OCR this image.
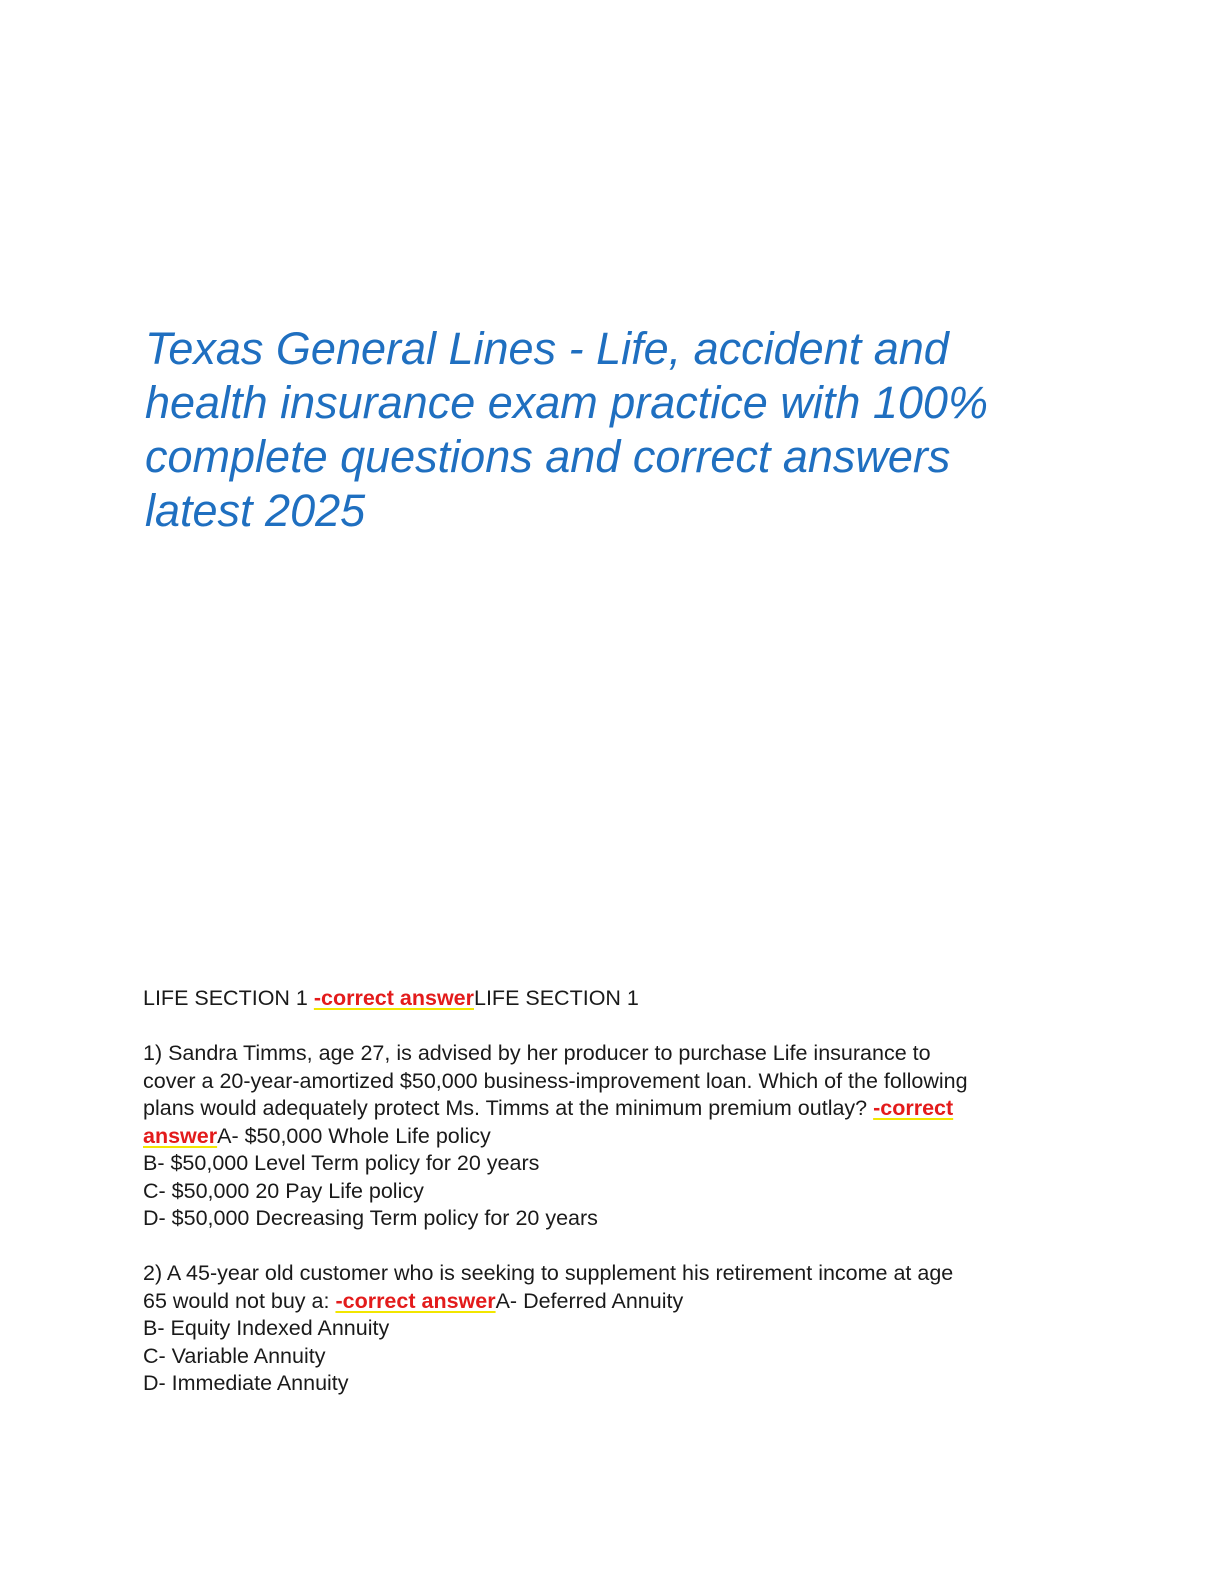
Texas General Lines - Life, accident and
health insurance exam practice with 100%
complete questions and correct answers
latest 2025

LIFE SECTION 1 -correct answerLIFE SECTION 1

1) Sandra Timms, age 27, is advised by her producer to purchase Life insurance to
cover a 20-year-amortized $50,000 business-improvement loan. Which of the following
plans would adequately protect Ms. Timms at the minimum premium outlay? -correct
answerA- $50,000 Whole Life policy
B- $50,000 Level Term policy for 20 years
C- $50,000 20 Pay Life policy
D- $50,000 Decreasing Term policy for 20 years
2) A 45-year old customer who is seeking to supplement his retirement income at age
65 would not buy a: -correct answerA- Deferred Annuity
B- Equity Indexed Annuity
C- Variable Annuity
D- Immediate Annuity
